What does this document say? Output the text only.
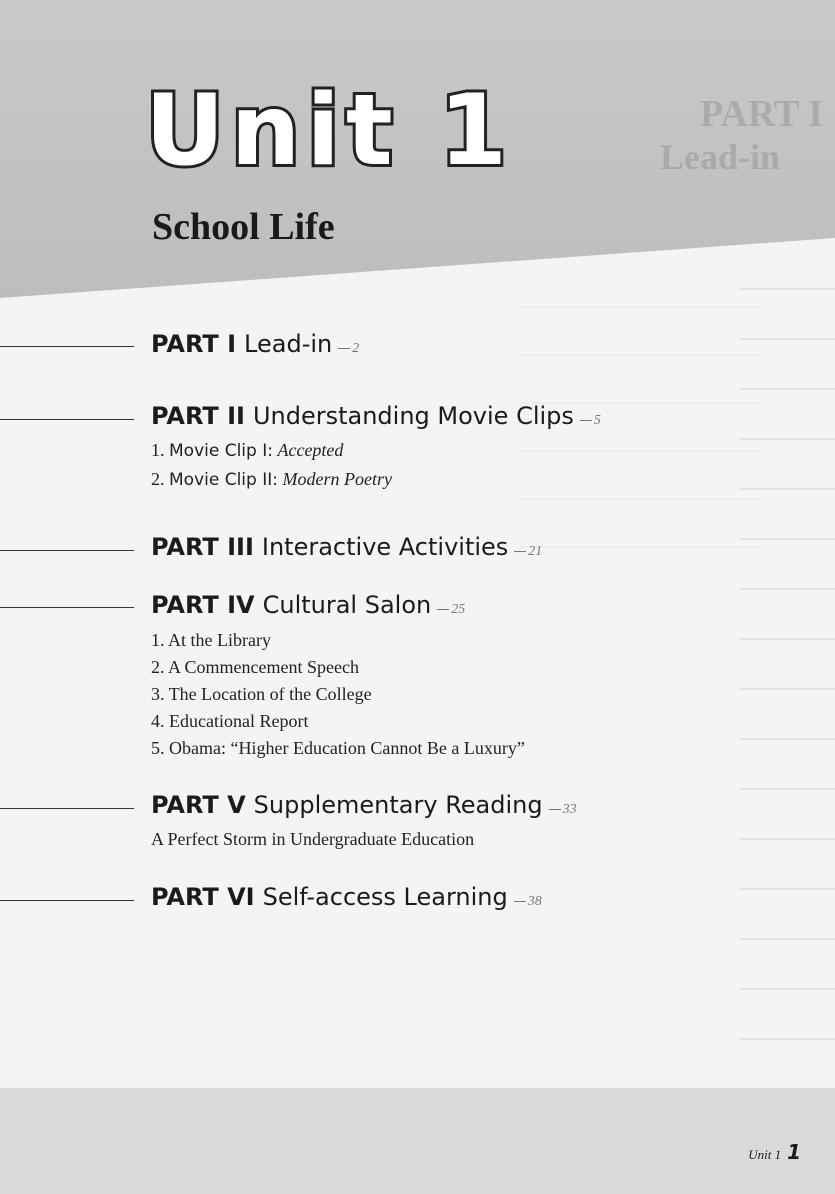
PART I
Lead-in
Unit 1
School Life
PART I Lead-in 2
PART II Understanding Movie Clips 5
1. Movie Clip I: Accepted
2. Movie Clip II: Modern Poetry
PART III Interactive Activities 21
PART IV Cultural Salon 25
1. At the Library
2. A Commencement Speech
3. The Location of the College
4. Educational Report
5. Obama: “Higher Education Cannot Be a Luxury”
PART V Supplementary Reading 33
A Perfect Storm in Undergraduate Education
PART VI Self-access Learning 38
Unit 1 1
